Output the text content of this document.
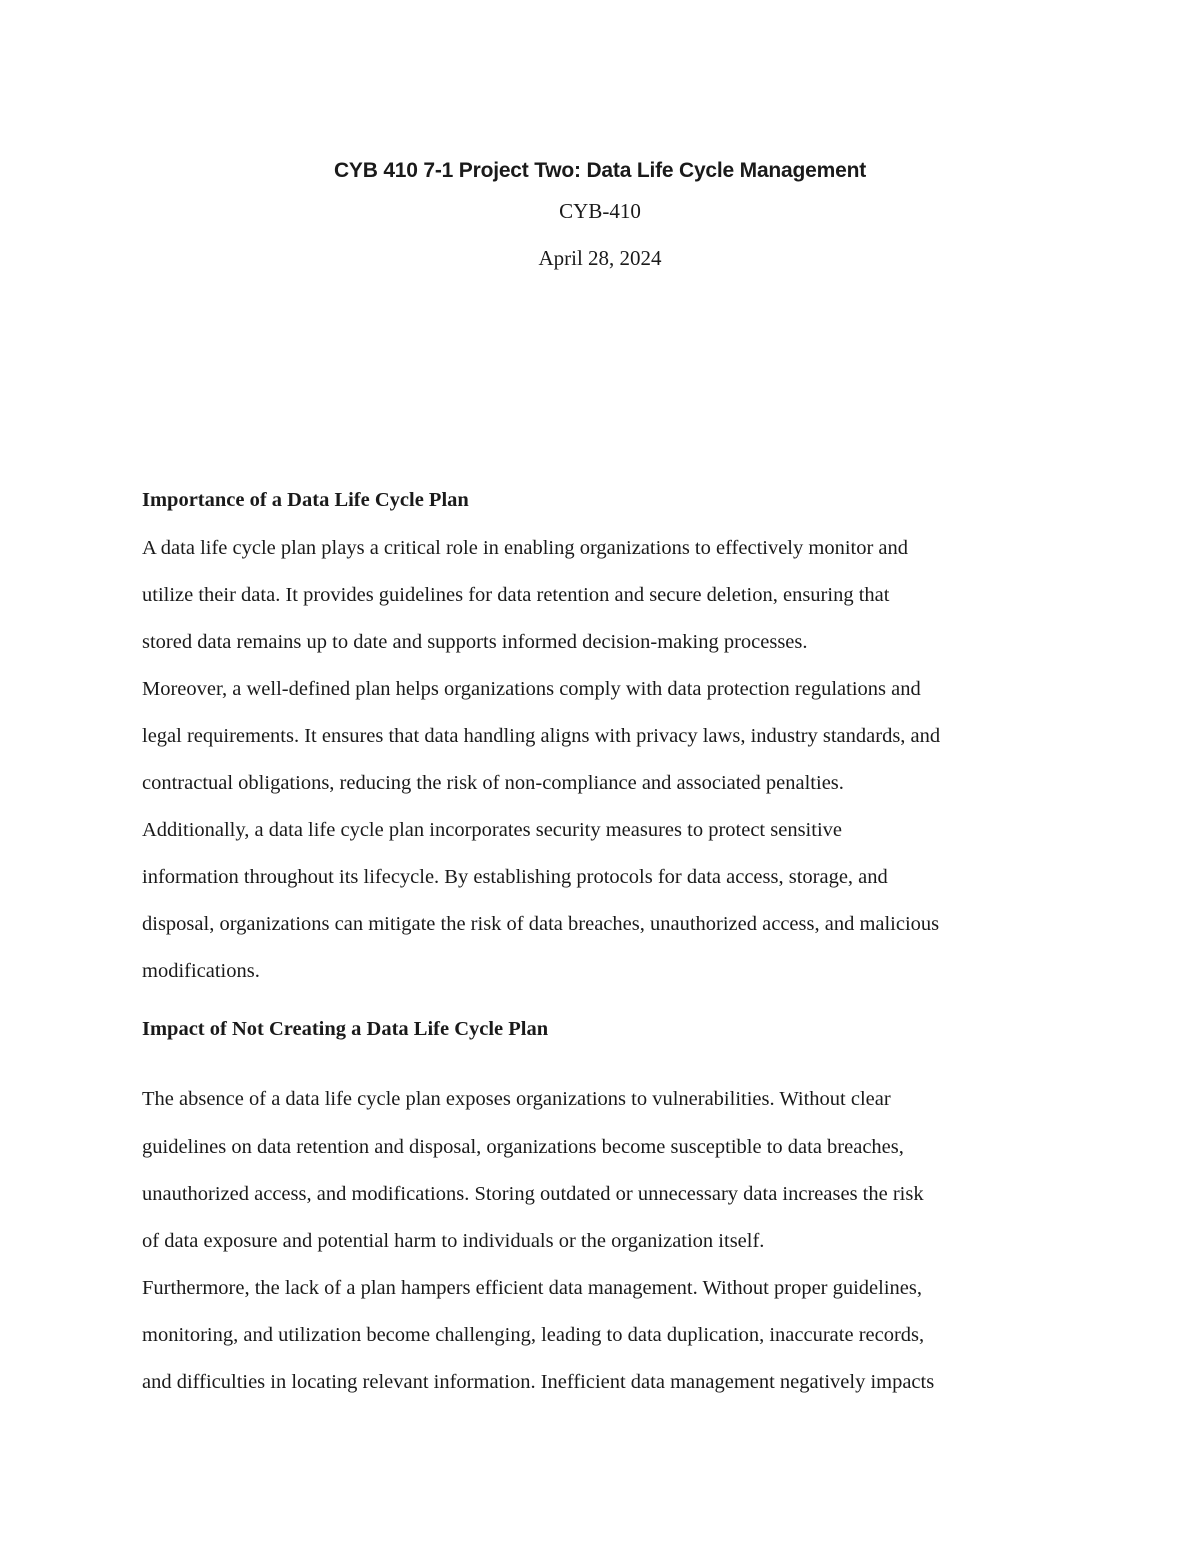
CYB 410 7-1 Project Two: Data Life Cycle Management

CYB-410

April 28, 2024

Importance of a Data Life Cycle Plan
A data life cycle plan plays a critical role in enabling organizations to effectively monitor and
utilize their data. It provides guidelines for data retention and secure deletion, ensuring that
stored data remains up to date and supports informed decision-making processes.
Moreover, a well-defined plan helps organizations comply with data protection regulations and
legal requirements. It ensures that data handling aligns with privacy laws, industry standards, and
contractual obligations, reducing the risk of non-compliance and associated penalties.
Additionally, a data life cycle plan incorporates security measures to protect sensitive
information throughout its lifecycle. By establishing protocols for data access, storage, and
disposal, organizations can mitigate the risk of data breaches, unauthorized access, and malicious
modifications.
Impact of Not Creating a Data Life Cycle Plan
The absence of a data life cycle plan exposes organizations to vulnerabilities. Without clear
guidelines on data retention and disposal, organizations become susceptible to data breaches,
unauthorized access, and modifications. Storing outdated or unnecessary data increases the risk
of data exposure and potential harm to individuals or the organization itself.
Furthermore, the lack of a plan hampers efficient data management. Without proper guidelines,
monitoring, and utilization become challenging, leading to data duplication, inaccurate records,
and difficulties in locating relevant information. Inefficient data management negatively impacts
